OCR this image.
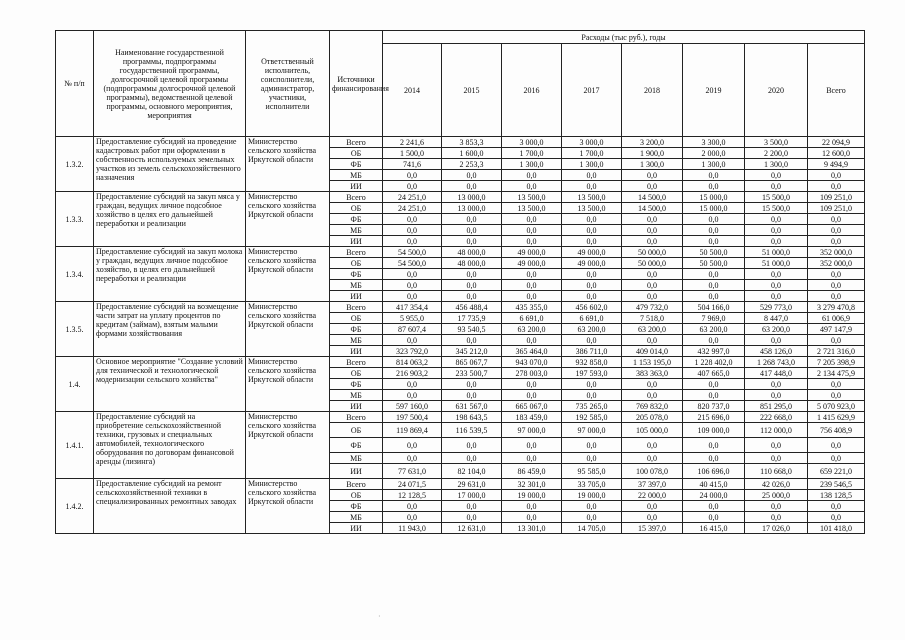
№ п/п	Наименование государственной программы, подпрограммы государственной программы, долгосрочной целевой программы (подпрограммы долгосрочной целевой программы), ведомственной целевой программы, основного мероприятия, мероприятия	Ответственный исполнитель, соисполнители, администратор, участники, исполнители	Источники финансирования	Расходы (тыс руб.), годы							
				2014	2015	2016	2017	2018	2019	2020	Всего
1.3.2.	Предоставление субсидий на проведение кадастровых работ при оформлении в собственность используемых земельных участков из земель сельскохозяйственного назначения	Министерство сельского хозяйства Иркутской области	Всего	2 241,6	3 853,3	3 000,0	3 000,0	3 200,0	3 300,0	3 500,0	22 094,9
			ОБ	1 500,0	1 600,0	1 700,0	1 700,0	1 900,0	2 000,0	2 200,0	12 600,0
			ФБ	741,6	2 253,3	1 300,0	1 300,0	1 300,0	1 300,0	1 300,0	9 494,9
			МБ	0,0	0,0	0,0	0,0	0,0	0,0	0,0	0,0
			ИИ	0,0	0,0	0,0	0,0	0,0	0,0	0,0	0,0
1.3.3.	Предоставление субсидий на закуп мяса у граждан, ведущих личное подсобное хозяйство в целях его дальнейшей переработки и реализации	Министерство сельского хозяйства Иркутской области	Всего	24 251,0	13 000,0	13 500,0	13 500,0	14 500,0	15 000,0	15 500,0	109 251,0
			ОБ	24 251,0	13 000,0	13 500,0	13 500,0	14 500,0	15 000,0	15 500,0	109 251,0
			ФБ	0,0	0,0	0,0	0,0	0,0	0,0	0,0	0,0
			МБ	0,0	0,0	0,0	0,0	0,0	0,0	0,0	0,0
			ИИ	0,0	0,0	0,0	0,0	0,0	0,0	0,0	0,0
1.3.4.	Предоставление субсидий на закуп молока у граждан, ведущих личное подсобное хозяйство, в целях его дальнейшей переработки и реализации	Министерство сельского хозяйства Иркутской области	Всего	54 500,0	48 000,0	49 000,0	49 000,0	50 000,0	50 500,0	51 000,0	352 000,0
			ОБ	54 500,0	48 000,0	49 000,0	49 000,0	50 000,0	50 500,0	51 000,0	352 000,0
			ФБ	0,0	0,0	0,0	0,0	0,0	0,0	0,0	0,0
			МБ	0,0	0,0	0,0	0,0	0,0	0,0	0,0	0,0
			ИИ	0,0	0,0	0,0	0,0	0,0	0,0	0,0	0,0
1.3.5.	Предоставление субсидий на возмещение части затрат на уплату процентов по кредитам (займам), взятым малыми формами хозяйствования	Министерство сельского хозяйства Иркутской области	Всего	417 354,4	456 488,4	435 355,0	456 602,0	479 732,0	504 166,0	529 773,0	3 279 470,8
			ОБ	5 955,0	17 735,9	6 691,0	6 691,0	7 518,0	7 969,0	8 447,0	61 006,9
			ФБ	87 607,4	93 540,5	63 200,0	63 200,0	63 200,0	63 200,0	63 200,0	497 147,9
			МБ	0,0	0,0	0,0	0,0	0,0	0,0	0,0	0,0
			ИИ	323 792,0	345 212,0	365 464,0	386 711,0	409 014,0	432 997,0	458 126,0	2 721 316,0
1.4.	Основное мероприятие "Создание условий для технической и технологической модернизации сельского хозяйства"	Министерство сельского хозяйства Иркутской области	Всего	814 063,2	865 067,7	943 070,0	932 858,0	1 153 195,0	1 228 402,0	1 268 743,0	7 205 398,9
			ОБ	216 903,2	233 500,7	278 003,0	197 593,0	383 363,0	407 665,0	417 448,0	2 134 475,9
			ФБ	0,0	0,0	0,0	0,0	0,0	0,0	0,0	0,0
			МБ	0,0	0,0	0,0	0,0	0,0	0,0	0,0	0,0
			ИИ	597 160,0	631 567,0	665 067,0	735 265,0	769 832,0	820 737,0	851 295,0	5 070 923,0
1.4.1.	Предоставление субсидий на приобретение сельскохозяйственной техники, грузовых и специальных автомобилей, технологического оборудования по договорам финансовой аренды (лизинга)	Министерство сельского хозяйства Иркутской области	Всего	197 500,4	198 643,5	183 459,0	192 585,0	205 078,0	215 696,0	222 668,0	1 415 629,9
			ОБ	119 869,4	116 539,5	97 000,0	97 000,0	105 000,0	109 000,0	112 000,0	756 408,9
			ФБ	0,0	0,0	0,0	0,0	0,0	0,0	0,0	0,0
			МБ	0,0	0,0	0,0	0,0	0,0	0,0	0,0	0,0
			ИИ	77 631,0	82 104,0	86 459,0	95 585,0	100 078,0	106 696,0	110 668,0	659 221,0
1.4.2.	Предоставление субсидий на ремонт сельскохозяйственной техники в специализированных ремонтных заводах	Министерство сельского хозяйства Иркутской области	Всего	24 071,5	29 631,0	32 301,0	33 705,0	37 397,0	40 415,0	42 026,0	239 546,5
			ОБ	12 128,5	17 000,0	19 000,0	19 000,0	22 000,0	24 000,0	25 000,0	138 128,5
			ФБ	0,0	0,0	0,0	0,0	0,0	0,0	0,0	0,0
			МБ	0,0	0,0	0,0	0,0	0,0	0,0	0,0	0,0
			ИИ	11 943,0	12 631,0	13 301,0	14 705,0	15 397,0	16 415,0	17 026,0	101 418,0
·
